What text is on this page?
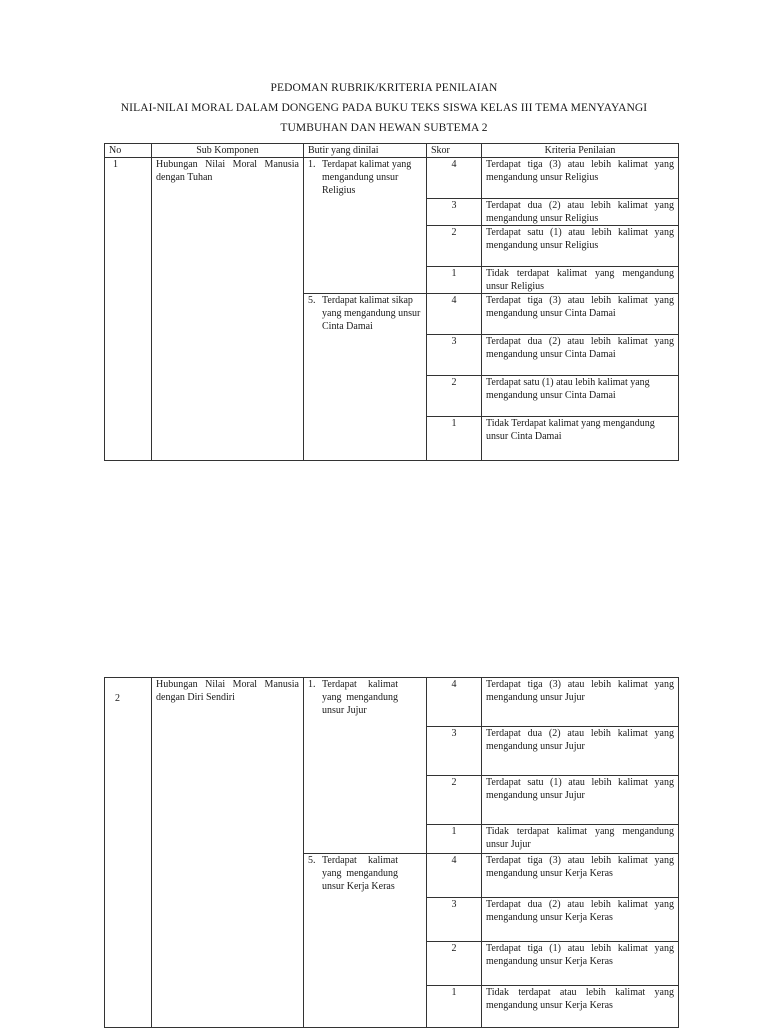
PEDOMAN RUBRIK/KRITERIA PENILAIAN
NILAI-NILAI MORAL DALAM DONGENG PADA BUKU TEKS SISWA KELAS III TEMA MENYAYANGI
TUMBUHAN DAN HEWAN SUBTEMA 2
No	Sub Komponen	Butir yang dinilai	Skor	Kriteria Penilaian
1	Hubungan Nilai Moral Manusia dengan Tuhan	1. Terdapat kalimat yang mengandung unsur Religius	4	Terdapat tiga (3) atau lebih kalimat yang mengandung unsur Religius
			3	Terdapat dua (2) atau lebih kalimat yang mengandung unsur Religius
			2	Terdapat satu (1) atau lebih kalimat yang mengandung unsur Religius
			1	Tidak terdapat kalimat yang mengandung unsur Religius

		5. Terdapat kalimat sikap yang mengandung unsur Cinta Damai	4	Terdapat tiga (3) atau lebih kalimat yang mengandung unsur Cinta Damai
			3	Terdapat dua (2) atau lebih kalimat yang mengandung unsur Cinta Damai
			2	Terdapat satu (1) atau lebih kalimat yang mengandung unsur Cinta Damai
			1	Tidak Terdapat kalimat yang mengandung unsur Cinta Damai
2	Hubungan Nilai Moral Manusia dengan Diri Sendiri	1. Terdapat kalimat yang mengandung unsur Jujur	4	Terdapat tiga (3) atau lebih kalimat yang mengandung unsur Jujur
			3	Terdapat dua (2) atau lebih kalimat yang mengandung unsur Jujur
			2	Terdapat satu (1) atau lebih kalimat yang mengandung unsur Jujur
			1	Tidak terdapat kalimat yang mengandung unsur Jujur

		5. Terdapat kalimat yang mengandung unsur Kerja Keras	4	Terdapat tiga (3) atau lebih kalimat yang mengandung unsur Kerja Keras
			3	Terdapat dua (2) atau lebih kalimat yang mengandung unsur Kerja Keras
			2	Terdapat tiga (1) atau lebih kalimat yang mengandung unsur Kerja Keras
			1	Tidak terdapat atau lebih kalimat yang mengandung unsur Kerja Keras
